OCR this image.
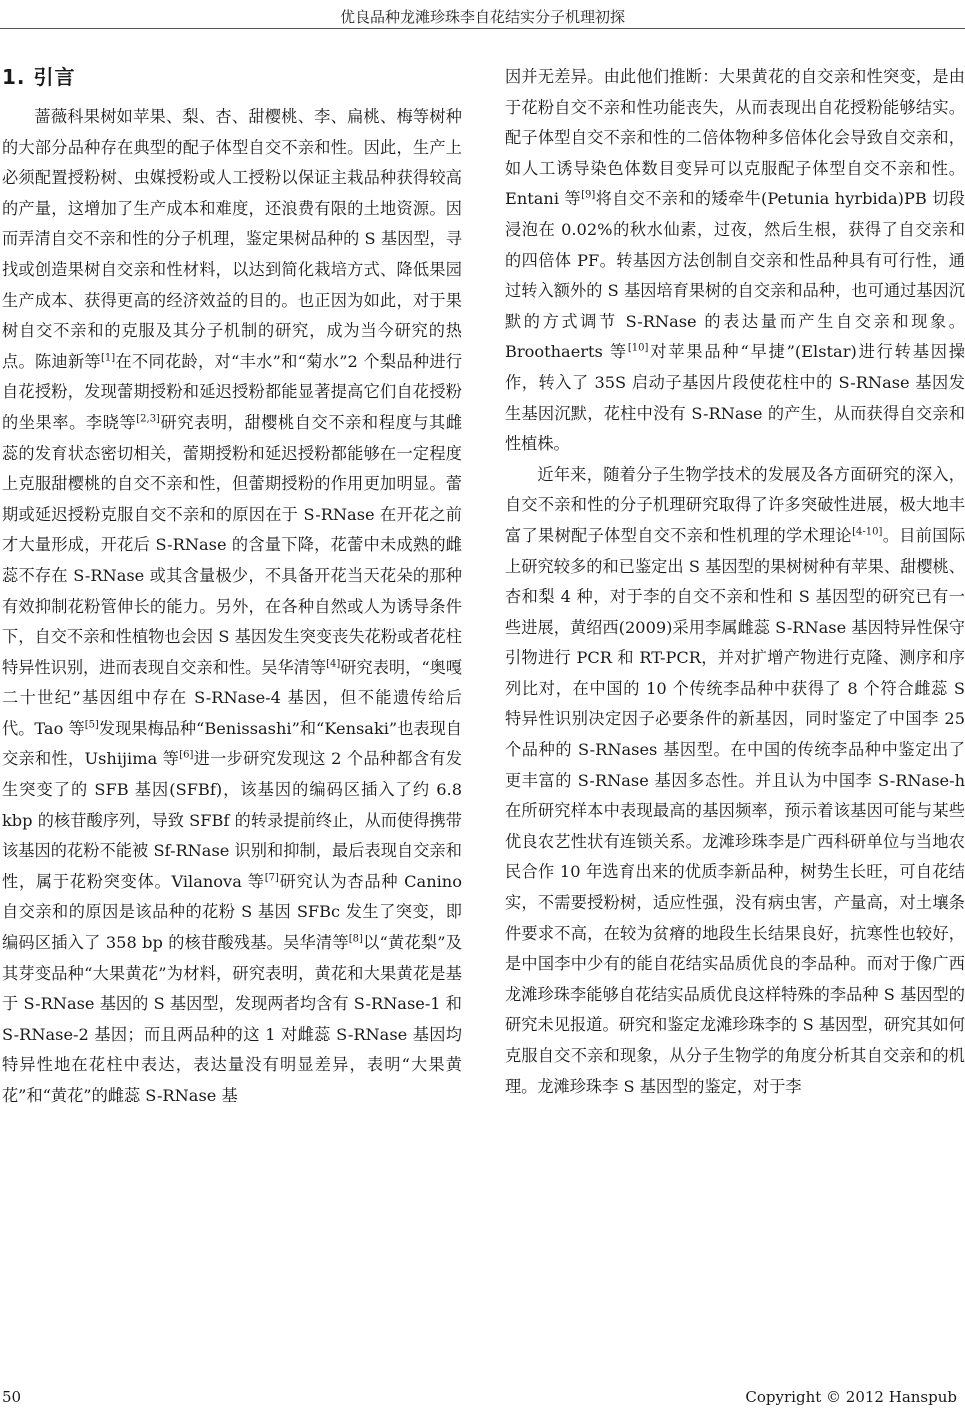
优良品种龙滩珍珠李自花结实分子机理初探
1. 引言

蔷薇科果树如苹果、梨、杏、甜樱桃、李、扁桃、梅等树种的大部分品种存在典型的配子体型自交不亲和性。因此，生产上必须配置授粉树、虫媒授粉或人工授粉以保证主栽品种获得较高的产量，这增加了生产成本和难度，还浪费有限的土地资源。因而弄清自交不亲和性的分子机理，鉴定果树品种的 S 基因型，寻找或创造果树自交亲和性材料，以达到简化栽培方式、降低果园生产成本、获得更高的经济效益的目的。也正因为如此，对于果树自交不亲和的克服及其分子机制的研究，成为当今研究的热点。陈迪新等[1]在不同花龄，对“丰水”和“菊水”2 个梨品种进行自花授粉，发现蕾期授粉和延迟授粉都能显著提高它们自花授粉的坐果率。李晓等[2,3]研究表明，甜樱桃自交不亲和程度与其雌蕊的发育状态密切相关，蕾期授粉和延迟授粉都能够在一定程度上克服甜樱桃的自交不亲和性，但蕾期授粉的作用更加明显。蕾期或延迟授粉克服自交不亲和的原因在于 S-RNase 在开花之前才大量形成，开花后 S-RNase 的含量下降，花蕾中未成熟的雌蕊不存在 S-RNase 或其含量极少，不具备开花当天花朵的那种有效抑制花粉管伸长的能力。另外，在各种自然或人为诱导条件下，自交不亲和性植物也会因 S 基因发生突变丧失花粉或者花柱特异性识别，进而表现自交亲和性。吴华清等[4]研究表明，“奥嘎二十世纪”基因组中存在 S-RNase-4 基因，但不能遗传给后代。Tao 等[5]发现果梅品种“Benissashi”和“Kensaki”也表现自交亲和性，Ushijima 等[6]进一步研究发现这 2 个品种都含有发生突变了的 SFB 基因(SFBf)，该基因的编码区插入了约 6.8 kbp 的核苷酸序列，导致 SFBf 的转录提前终止，从而使得携带该基因的花粉不能被 Sf-RNase 识别和抑制，最后表现自交亲和性，属于花粉突变体。Vilanova 等[7]研究认为杏品种 Canino 自交亲和的原因是该品种的花粉 S 基因 SFBc 发生了突变，即编码区插入了 358 bp 的核苷酸残基。吴华清等[8]以“黄花梨”及其芽变品种“大果黄花”为材料，研究表明，黄花和大果黄花是基于 S-RNase 基因的 S 基因型，发现两者均含有 S-RNase-1 和 S-RNase-2 基因；而且两品种的这 1 对雌蕊 S-RNase 基因均特异性地在花柱中表达，表达量没有明显差异，表明“大果黄花”和“黄花”的雌蕊 S-RNase 基

因并无差异。由此他们推断：大果黄花的自交亲和性突变，是由于花粉自交不亲和性功能丧失，从而表现出自花授粉能够结实。配子体型自交不亲和性的二倍体物种多倍体化会导致自交亲和，如人工诱导染色体数目变异可以克服配子体型自交不亲和性。Entani 等[9]将自交不亲和的矮牵牛(Petunia hyrbida)PB 切段浸泡在 0.02%的秋水仙素，过夜，然后生根，获得了自交亲和的四倍体 PF。转基因方法创制自交亲和性品种具有可行性，通过转入额外的 S 基因培育果树的自交亲和品种，也可通过基因沉默的方式调节 S-RNase 的表达量而产生自交亲和现象。Broothaerts 等[10]对苹果品种“早捷”(Elstar)进行转基因操作，转入了 35S 启动子基因片段使花柱中的 S-RNase 基因发生基因沉默，花柱中没有 S-RNase 的产生，从而获得自交亲和性植株。

近年来，随着分子生物学技术的发展及各方面研究的深入，自交不亲和性的分子机理研究取得了许多突破性进展，极大地丰富了果树配子体型自交不亲和性机理的学术理论[4-10]。目前国际上研究较多的和已鉴定出 S 基因型的果树树种有苹果、甜樱桃、杏和梨 4 种，对于李的自交不亲和性和 S 基因型的研究已有一些进展，黄绍西(2009)采用李属雌蕊 S-RNase 基因特异性保守引物进行 PCR 和 RT-PCR，并对扩增产物进行克隆、测序和序列比对，在中国的 10 个传统李品种中获得了 8 个符合雌蕊 S 特异性识别决定因子必要条件的新基因，同时鉴定了中国李 25 个品种的 S-RNases 基因型。在中国的传统李品种中鉴定出了更丰富的 S-RNase 基因多态性。并且认为中国李 S-RNase-h 在所研究样本中表现最高的基因频率，预示着该基因可能与某些优良农艺性状有连锁关系。龙滩珍珠李是广西科研单位与当地农民合作 10 年选育出来的优质李新品种，树势生长旺，可自花结实，不需要授粉树，适应性强，没有病虫害，产量高，对土壤条件要求不高，在较为贫瘠的地段生长结果良好，抗寒性也较好，是中国李中少有的能自花结实品质优良的李品种。而对于像广西龙滩珍珠李能够自花结实品质优良这样特殊的李品种 S 基因型的研究未见报道。研究和鉴定龙滩珍珠李的 S 基因型，研究其如何克服自交不亲和现象，从分子生物学的角度分析其自交亲和的机理。龙滩珍珠李 S 基因型的鉴定，对于李

50	Copyright © 2012 Hanspub
